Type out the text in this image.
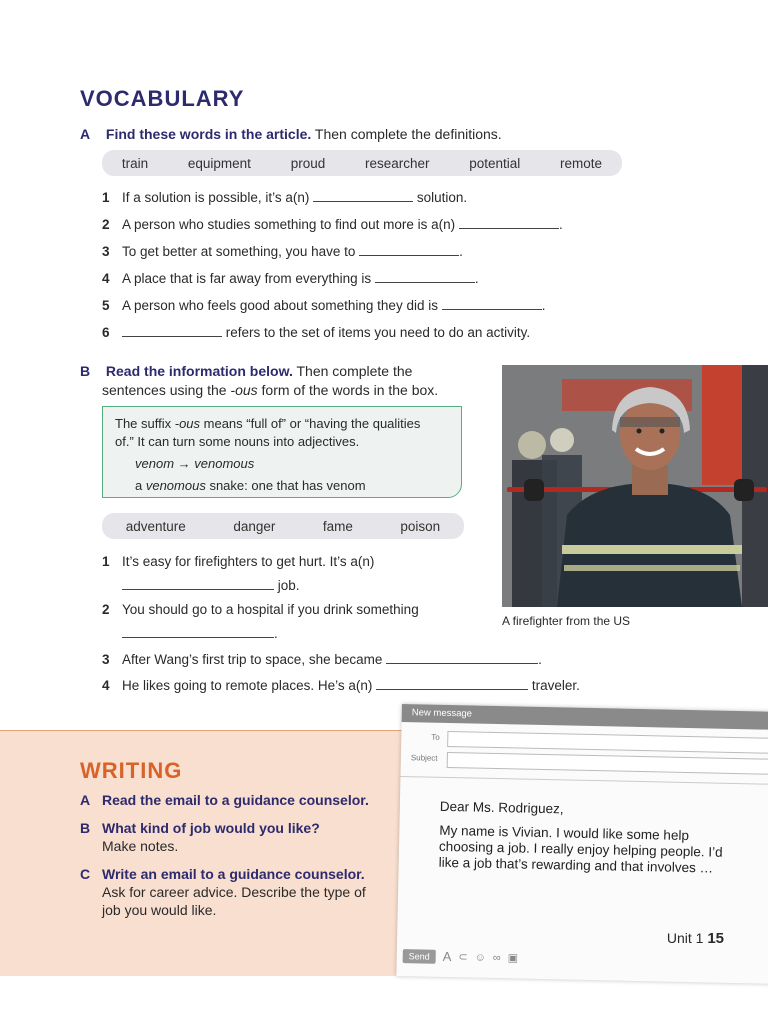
VOCABULARY
A Find these words in the article. Then complete the definitions.
train	equipment	proud	researcher	potential	remote
1 If a solution is possible, it’s a(n)	solution.
2 A person who studies something to find out more is a(n)	.
3 To get better at something, you have to	.
4 A place that is far away from everything is	.
5 A person who feels good about something they did is	.
6	refers to the set of items you need to do an activity.
B Read the information below. Then complete the
sentences using the -ous form of the words in the box.
The suffix -ous means “full of” or “having the qualities
of.” It can turn some nouns into adjectives.
venom → venomous
a venomous snake: one that has venom
adventure	danger	fame	poison
1 It’s easy for firefighters to get hurt. It’s a(n)
job.
2 You should go to a hospital if you drink something
.
3 After Wang’s first trip to space, she became	.
4 He likes going to remote places. He’s a(n)	traveler.
A firefighter from the US
WRITING
A Read the email to a guidance counselor.
B What kind of job would you like?
Make notes.
C Write an email to a guidance counselor.
Ask for career advice. Describe the type of job you would like.
New message
To
Subject
Dear Ms. Rodriguez,
My name is Vivian. I would like some help choosing a job. I really enjoy helping people. I’d like a job that’s rewarding and that involves …
Send A ⊂ ☺ ∞ ▣
Unit 1 15
